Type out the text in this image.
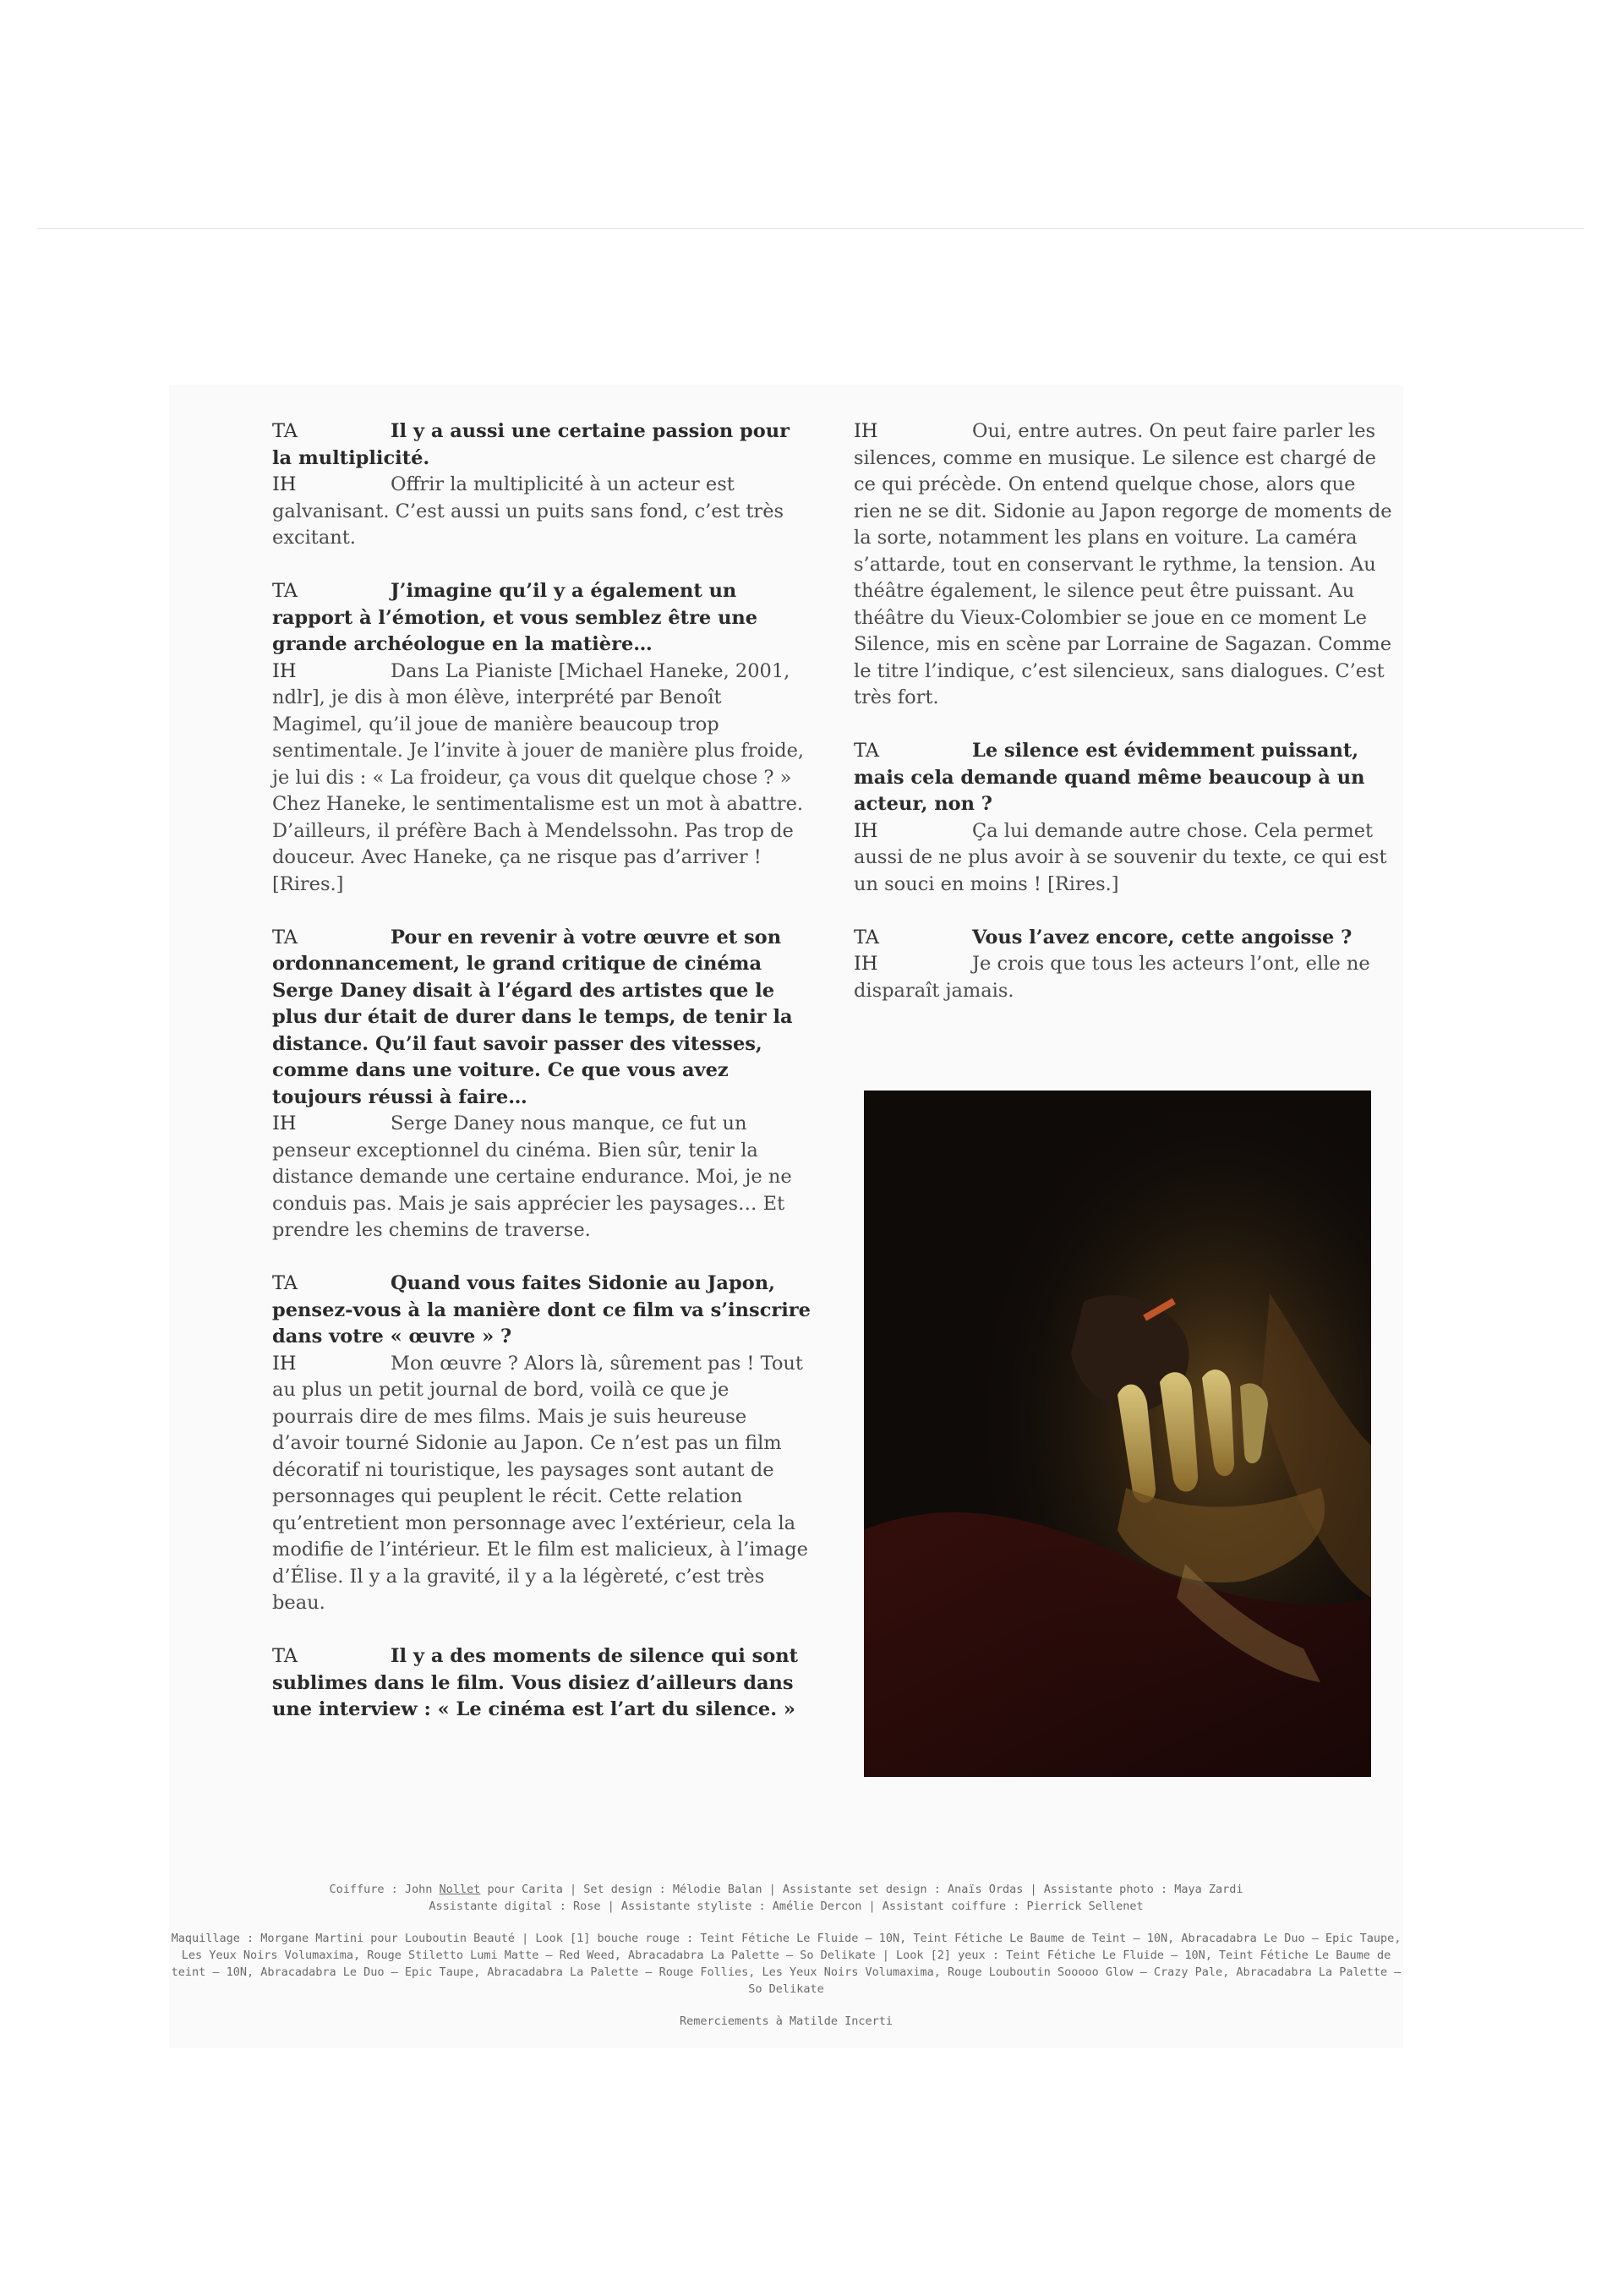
TA	Il y a aussi une certaine passion pour la multiplicité.

IH	Offrir la multiplicité à un acteur est galvanisant. C’est aussi un puits sans fond, c’est très excitant.

TA	J’imagine qu’il y a également un rapport à l’émotion, et vous semblez être une grande archéologue en la matière…

IH	Dans La Pianiste [Michael Haneke, 2001, ndlr], je dis à mon élève, interprété par Benoît Magimel, qu’il joue de manière beaucoup trop sentimentale. Je l’invite à jouer de manière plus froide, je lui dis : « La froideur, ça vous dit quelque chose ? » Chez Haneke, le sentimentalisme est un mot à abattre. D’ailleurs, il préfère Bach à Mendelssohn. Pas trop de douceur. Avec Haneke, ça ne risque pas d’arriver ! [Rires.]

TA	Pour en revenir à votre œuvre et son ordonnancement, le grand critique de cinéma Serge Daney disait à l’égard des artistes que le plus dur était de durer dans le temps, de tenir la distance. Qu’il faut savoir passer des vitesses, comme dans une voiture. Ce que vous avez toujours réussi à faire…

IH	Serge Daney nous manque, ce fut un penseur exceptionnel du cinéma. Bien sûr, tenir la distance demande une certaine endurance. Moi, je ne conduis pas. Mais je sais apprécier les paysages… Et prendre les chemins de traverse.

TA	Quand vous faites Sidonie au Japon, pensez-vous à la manière dont ce film va s’inscrire dans votre « œuvre » ?

IH	Mon œuvre ? Alors là, sûrement pas ! Tout au plus un petit journal de bord, voilà ce que je pourrais dire de mes films. Mais je suis heureuse d’avoir tourné Sidonie au Japon. Ce n’est pas un film décoratif ni touristique, les paysages sont autant de personnages qui peuplent le récit. Cette relation qu’entretient mon personnage avec l’extérieur, cela la modifie de l’intérieur. Et le film est malicieux, à l’image d’Élise. Il y a la gravité, il y a la légèreté, c’est très beau.

TA	Il y a des moments de silence qui sont sublimes dans le film. Vous disiez d’ailleurs dans une interview : « Le cinéma est l’art du silence. »

IH	Oui, entre autres. On peut faire parler les silences, comme en musique. Le silence est chargé de ce qui précède. On entend quelque chose, alors que rien ne se dit. Sidonie au Japon regorge de moments de la sorte, notamment les plans en voiture. La caméra s’attarde, tout en conservant le rythme, la tension. Au théâtre également, le silence peut être puissant. Au théâtre du Vieux-Colombier se joue en ce moment Le Silence, mis en scène par Lorraine de Sagazan. Comme le titre l’indique, c’est silencieux, sans dialogues. C’est très fort.

TA	Le silence est évidemment puissant, mais cela demande quand même beaucoup à un acteur, non ?

IH	Ça lui demande autre chose. Cela permet aussi de ne plus avoir à se souvenir du texte, ce qui est un souci en moins ! [Rires.]

TA	Vous l’avez encore, cette angoisse ?

IH	Je crois que tous les acteurs l’ont, elle ne disparaît jamais.

Coiffure : John Nollet pour Carita | Set design : Mélodie Balan | Assistante set design : Anaïs Ordas | Assistante photo : Maya Zardi
Assistante digital : Rose | Assistante styliste : Amélie Dercon | Assistant coiffure : Pierrick Sellenet

Maquillage : Morgane Martini pour Louboutin Beauté | Look [1] bouche rouge : Teint Fétiche Le Fluide – 10N, Teint Fétiche Le Baume de Teint – 10N, Abracadabra Le Duo – Epic Taupe, Les Yeux Noirs Volumaxima, Rouge Stiletto Lumi Matte – Red Weed, Abracadabra La Palette – So Delikate | Look [2] yeux : Teint Fétiche Le Fluide – 10N, Teint Fétiche Le Baume de teint – 10N, Abracadabra Le Duo – Epic Taupe, Abracadabra La Palette – Rouge Follies, Les Yeux Noirs Volumaxima, Rouge Louboutin Sooooo Glow – Crazy Pale, Abracadabra La Palette – So Delikate

Remerciements à Matilde Incerti
